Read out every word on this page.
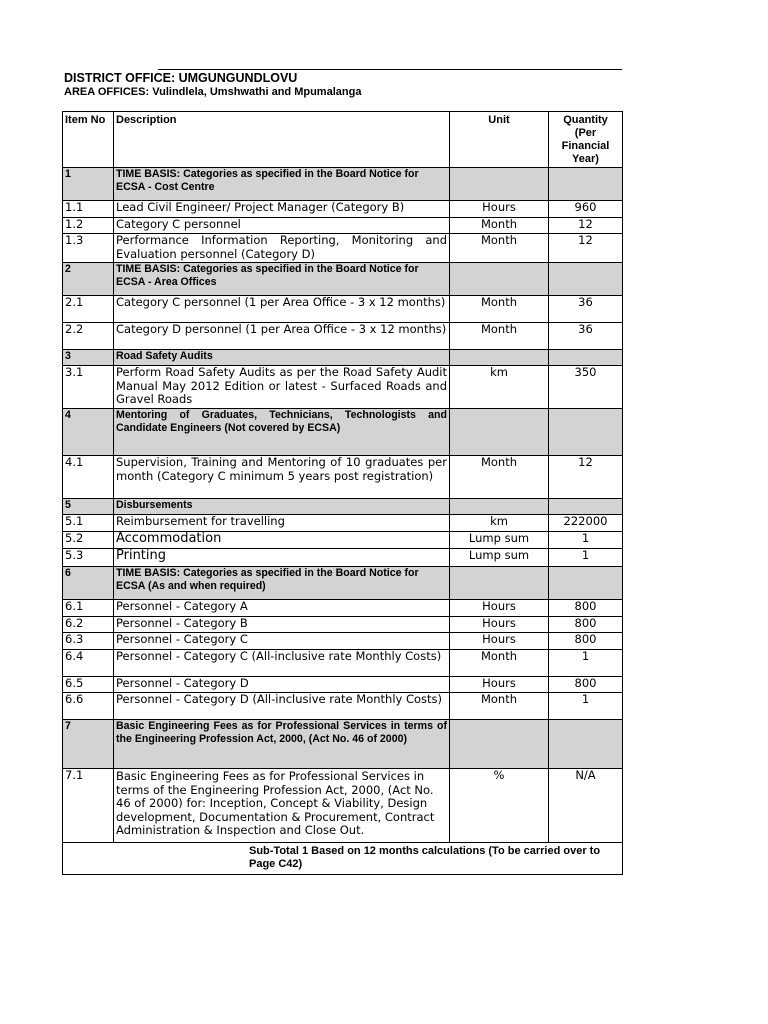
DISTRICT OFFICE: UMGUNGUNDLOVU
AREA OFFICES: Vulindlela, Umshwathi and Mpumalanga
Item No	Description	Unit	Quantity (Per Financial Year)
1	TIME BASIS: Categories as specified in the Board Notice for ECSA - Cost Centre		
1.1	Lead Civil Engineer/ Project Manager (Category B)	Hours	960
1.2	Category C personnel	Month	12
1.3	Performance Information Reporting, Monitoring and Evaluation personnel (Category D)	Month	12
2	TIME BASIS: Categories as specified in the Board Notice for ECSA - Area Offices		
2.1	Category C personnel (1 per Area Office - 3 x 12 months)	Month	36
2.2	Category D personnel (1 per Area Office - 3 x 12 months)	Month	36
3	Road Safety Audits		
3.1	Perform Road Safety Audits as per the Road Safety Audit Manual May 2012 Edition or latest - Surfaced Roads and Gravel Roads	km	350
4	Mentoring of Graduates, Technicians, Technologists and Candidate Engineers (Not covered by ECSA)		
4.1	Supervision, Training and Mentoring of 10 graduates per month (Category C minimum 5 years post registration)	Month	12
5	Disbursements		
5.1	Reimbursement for travelling	km	222000
5.2	Accommodation	Lump sum	1
5.3	Printing	Lump sum	1
6	TIME BASIS: Categories as specified in the Board Notice for ECSA (As and when required)		
6.1	Personnel - Category A	Hours	800
6.2	Personnel - Category B	Hours	800
6.3	Personnel - Category C	Hours	800
6.4	Personnel - Category C (All-inclusive rate Monthly Costs)	Month	1
6.5	Personnel - Category D	Hours	800
6.6	Personnel - Category D (All-inclusive rate Monthly Costs)	Month	1
7	Basic Engineering Fees as for Professional Services in terms of the Engineering Profession Act, 2000, (Act No. 46 of 2000)		
7.1	Basic Engineering Fees as for Professional Services in terms of the Engineering Profession Act, 2000, (Act No. 46 of 2000) for: Inception, Concept & Viability, Design development, Documentation & Procurement, Contract Administration & Inspection and Close Out.	%	N/A

Sub-Total 1 Based on 12 months calculations (To be carried over to Page C42)			
